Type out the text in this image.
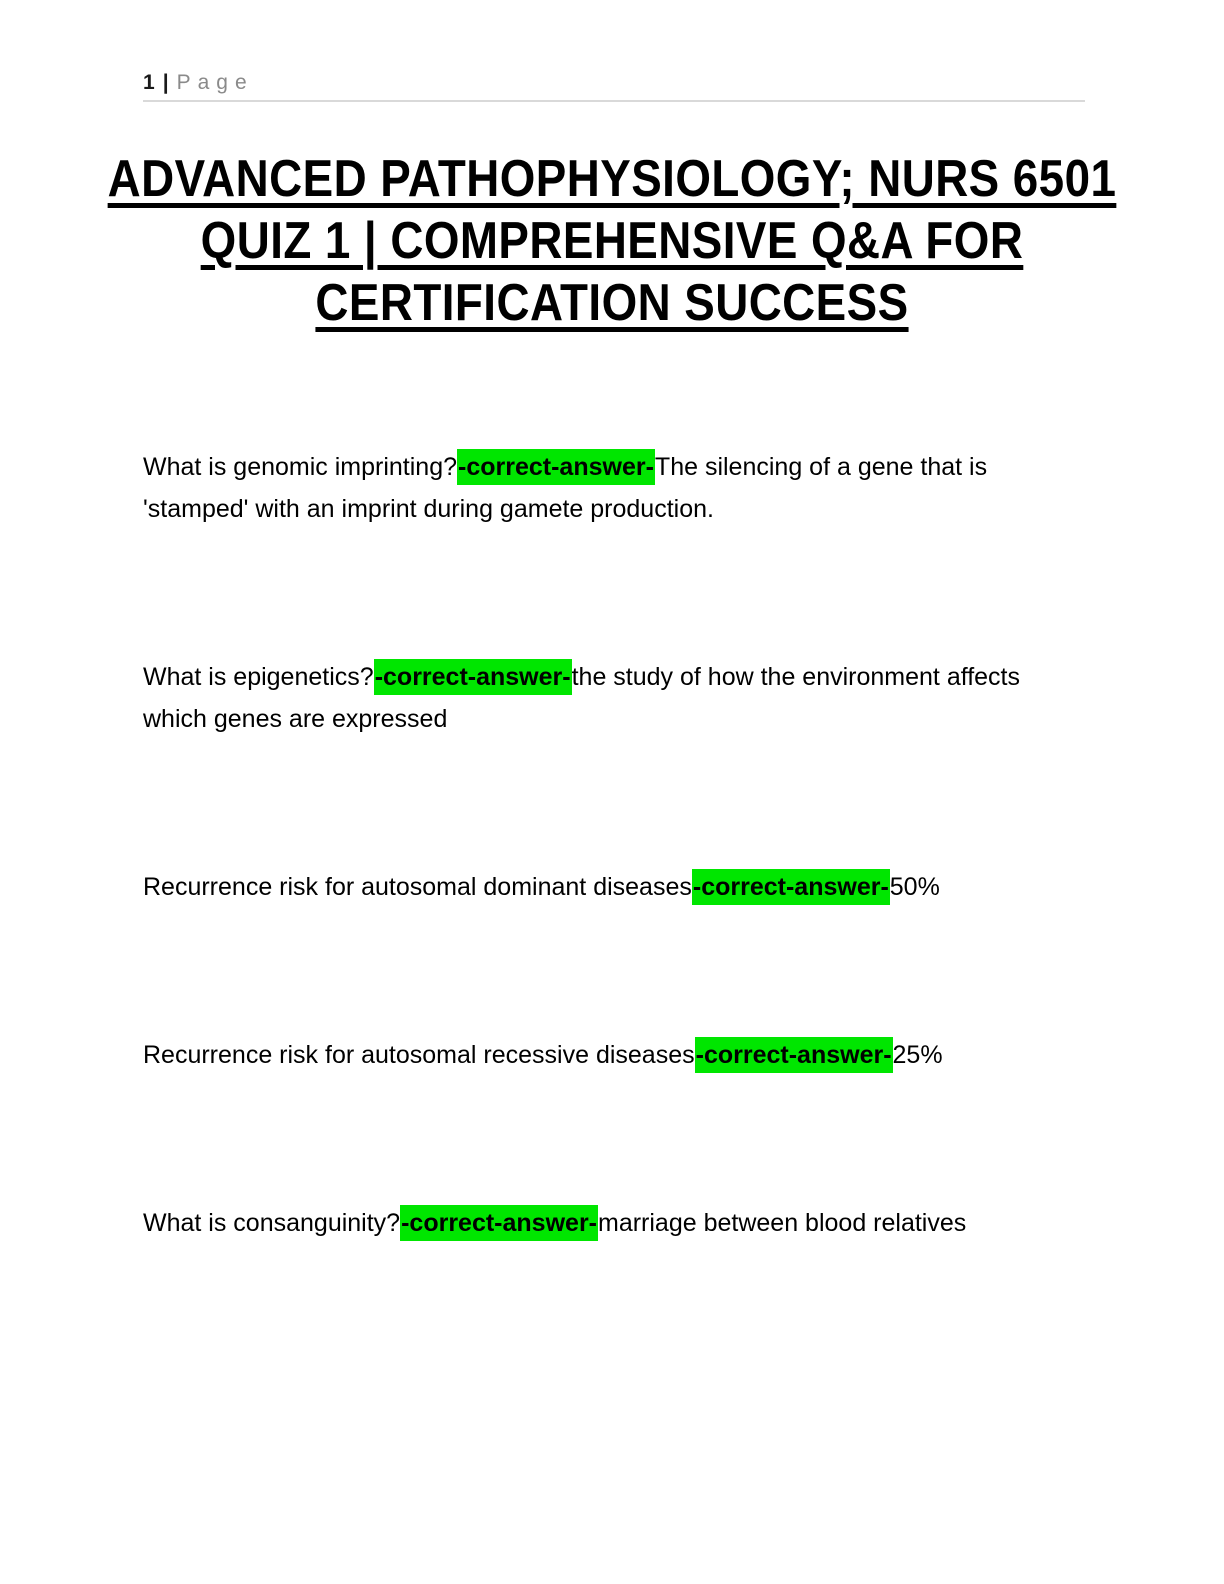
1 | Page
ADVANCED PATHOPHYSIOLOGY; NURS 6501
QUIZ 1 | COMPREHENSIVE Q&A FOR
CERTIFICATION SUCCESS

What is genomic imprinting?-correct-answer-The silencing of a gene that is 'stamped' with an imprint during gamete production.

What is epigenetics?-correct-answer-the study of how the environment affects which genes are expressed

Recurrence risk for autosomal dominant diseases-correct-answer-50%

Recurrence risk for autosomal recessive diseases-correct-answer-25%

What is consanguinity?-correct-answer-marriage between blood relatives
